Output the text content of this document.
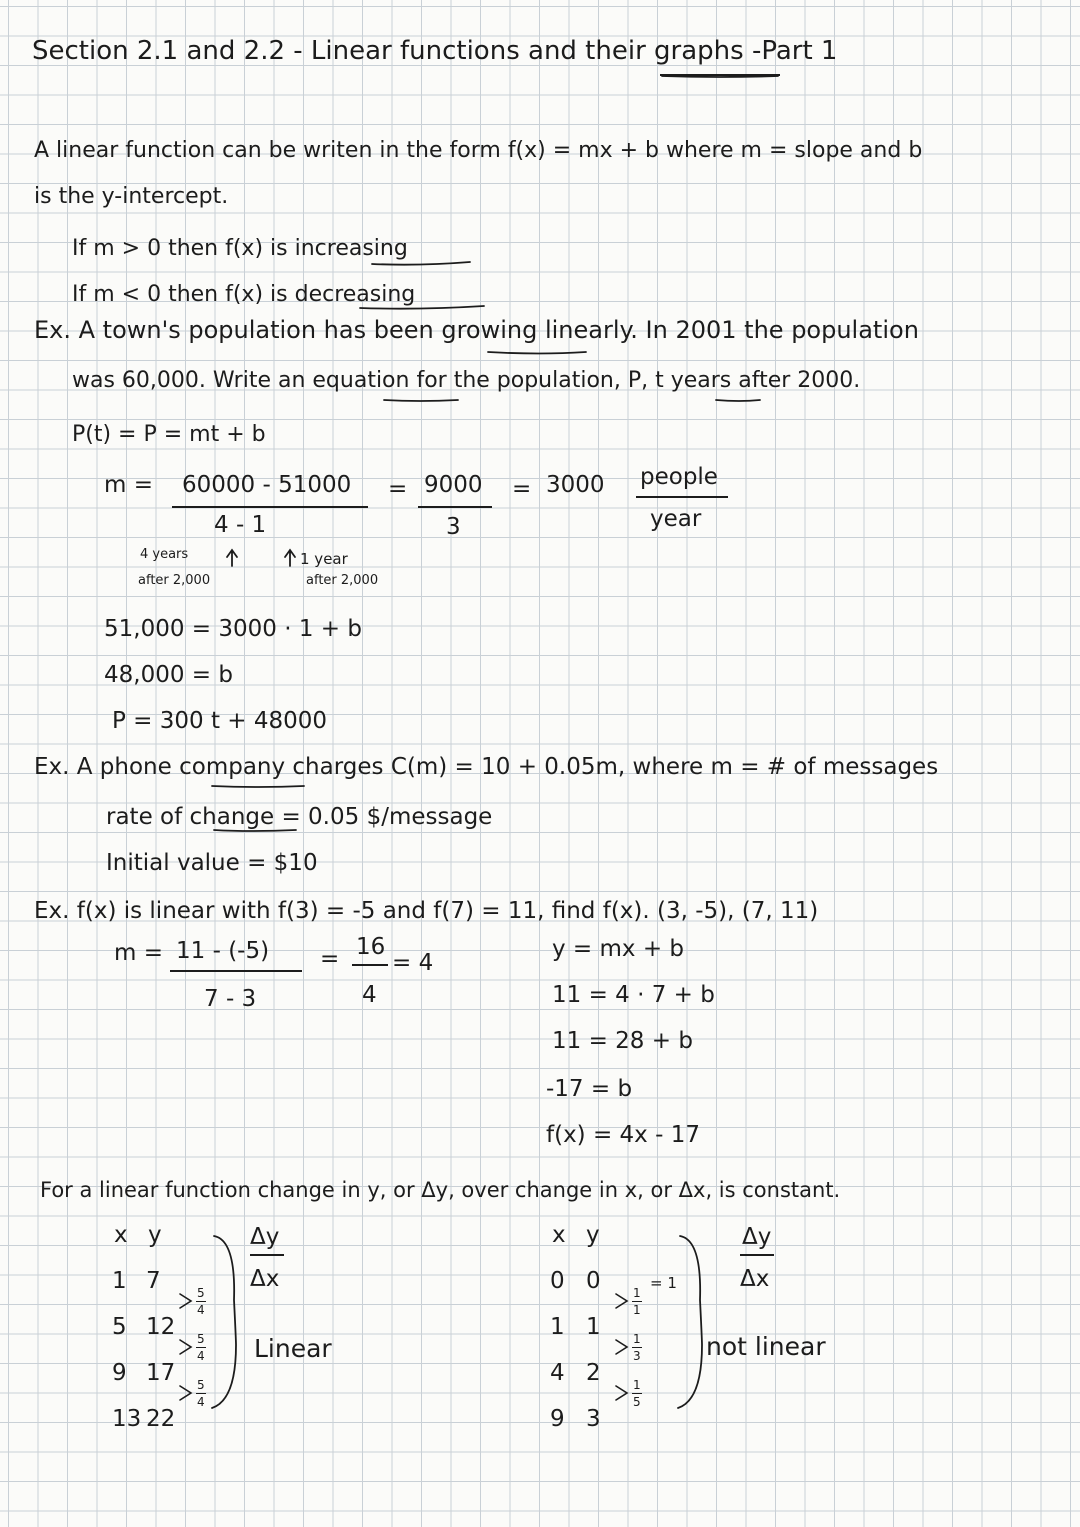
Section 2.1 and 2.2 - Linear functions and their graphs -Part 1
A linear function can be writen in the form f(x) = mx + b where m = slope and b
is the y-intercept.
If m > 0 then f(x) is increasing
If m < 0 then f(x) is decreasing
Ex. A town's population has been growing linearly. In 2001 the population
was 60,000. Write an equation for the population, P, t years after 2000.
P(t) = P = mt + b
m = 60000 - 51000
4 - 1
= 9000
3
= 3000 people
year
4 years
after 2,000
1 year
after 2,000
51,000 = 3000 · 1 + b
48,000 = b
P = 300 t + 48000
Ex. A phone company charges C(m) = 10 + 0.05m, where m = # of messages
rate of change = 0.05 $/message
Initial value = $10
Ex. f(x) is linear with f(3) = -5 and f(7) = 11, find f(x). (3, -5), (7, 11)
m = 11 - (-5)
7 - 3
= 16
4
= 4
y = mx + b
11 = 4 · 7 + b
11 = 28 + b
-17 = b
f(x) = 4x - 17
For a linear function change in y, or Δy, over change in x, or Δx, is constant.
x y
1 7
5 12
9 17
13 22
$\frac{5}{4}$
$\frac{5}{4}$
$\frac{5}{4}$
Δy
Δx
Linear
x y
0 0
1 1
4 2
9 3
$\frac{1}{1}$
$\frac{1}{3}$
$\frac{1}{5}$
= 1
Δy
Δx
not linear
